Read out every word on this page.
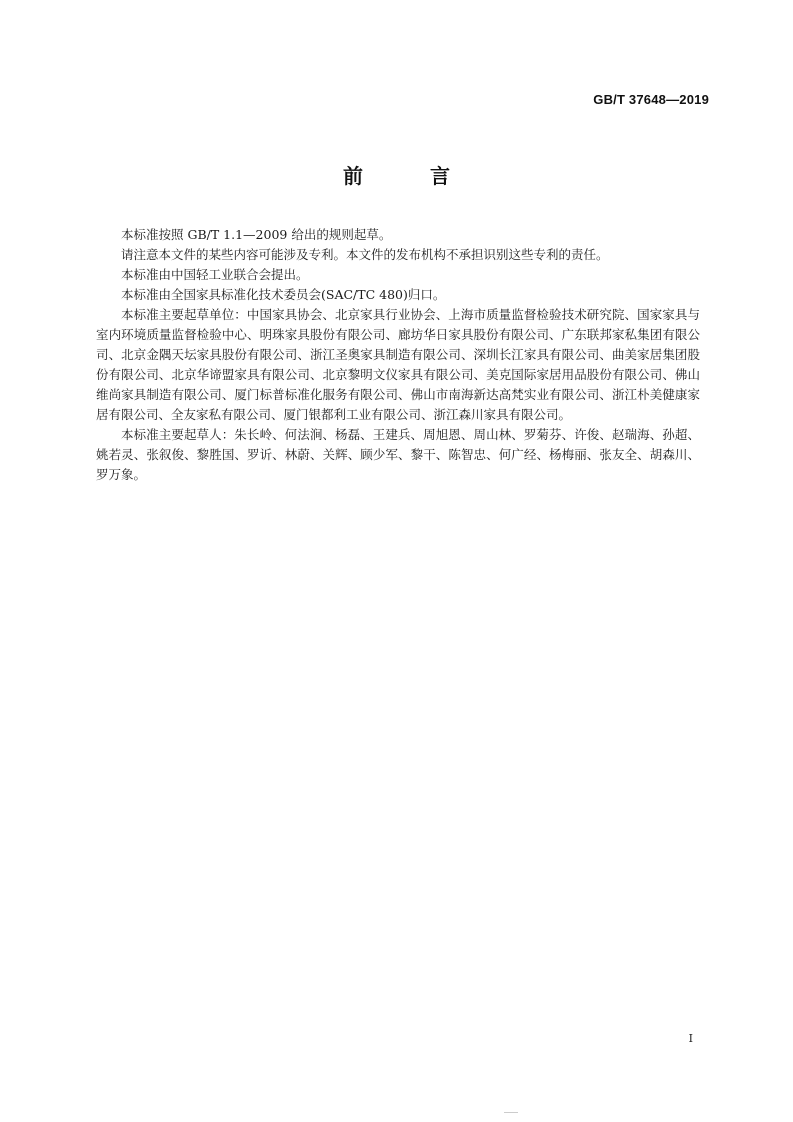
GB/T 37648—2019
前 言

本标准按照 GB/T 1.1—2009 给出的规则起草。

请注意本文件的某些内容可能涉及专利。本文件的发布机构不承担识别这些专利的责任。

本标准由中国轻工业联合会提出。

本标准由全国家具标准化技术委员会(SAC/TC 480)归口。

本标准主要起草单位：中国家具协会、北京家具行业协会、上海市质量监督检验技术研究院、国家家具与室内环境质量监督检验中心、明珠家具股份有限公司、廊坊华日家具股份有限公司、广东联邦家私集团有限公司、北京金隅天坛家具股份有限公司、浙江圣奥家具制造有限公司、深圳长江家具有限公司、曲美家居集团股份有限公司、北京华谛盟家具有限公司、北京黎明文仪家具有限公司、美克国际家居用品股份有限公司、佛山维尚家具制造有限公司、厦门标普标准化服务有限公司、佛山市南海新达高梵实业有限公司、浙江朴美健康家居有限公司、全友家私有限公司、厦门银都利工业有限公司、浙江森川家具有限公司。

本标准主要起草人：朱长岭、何法涧、杨磊、王建兵、周旭恩、周山林、罗菊芬、许俊、赵瑞海、孙超、姚若灵、张叙俊、黎胜国、罗䜣、林蔚、关辉、顾少军、黎干、陈智忠、何广经、杨梅丽、张友全、胡森川、罗万象。

I
